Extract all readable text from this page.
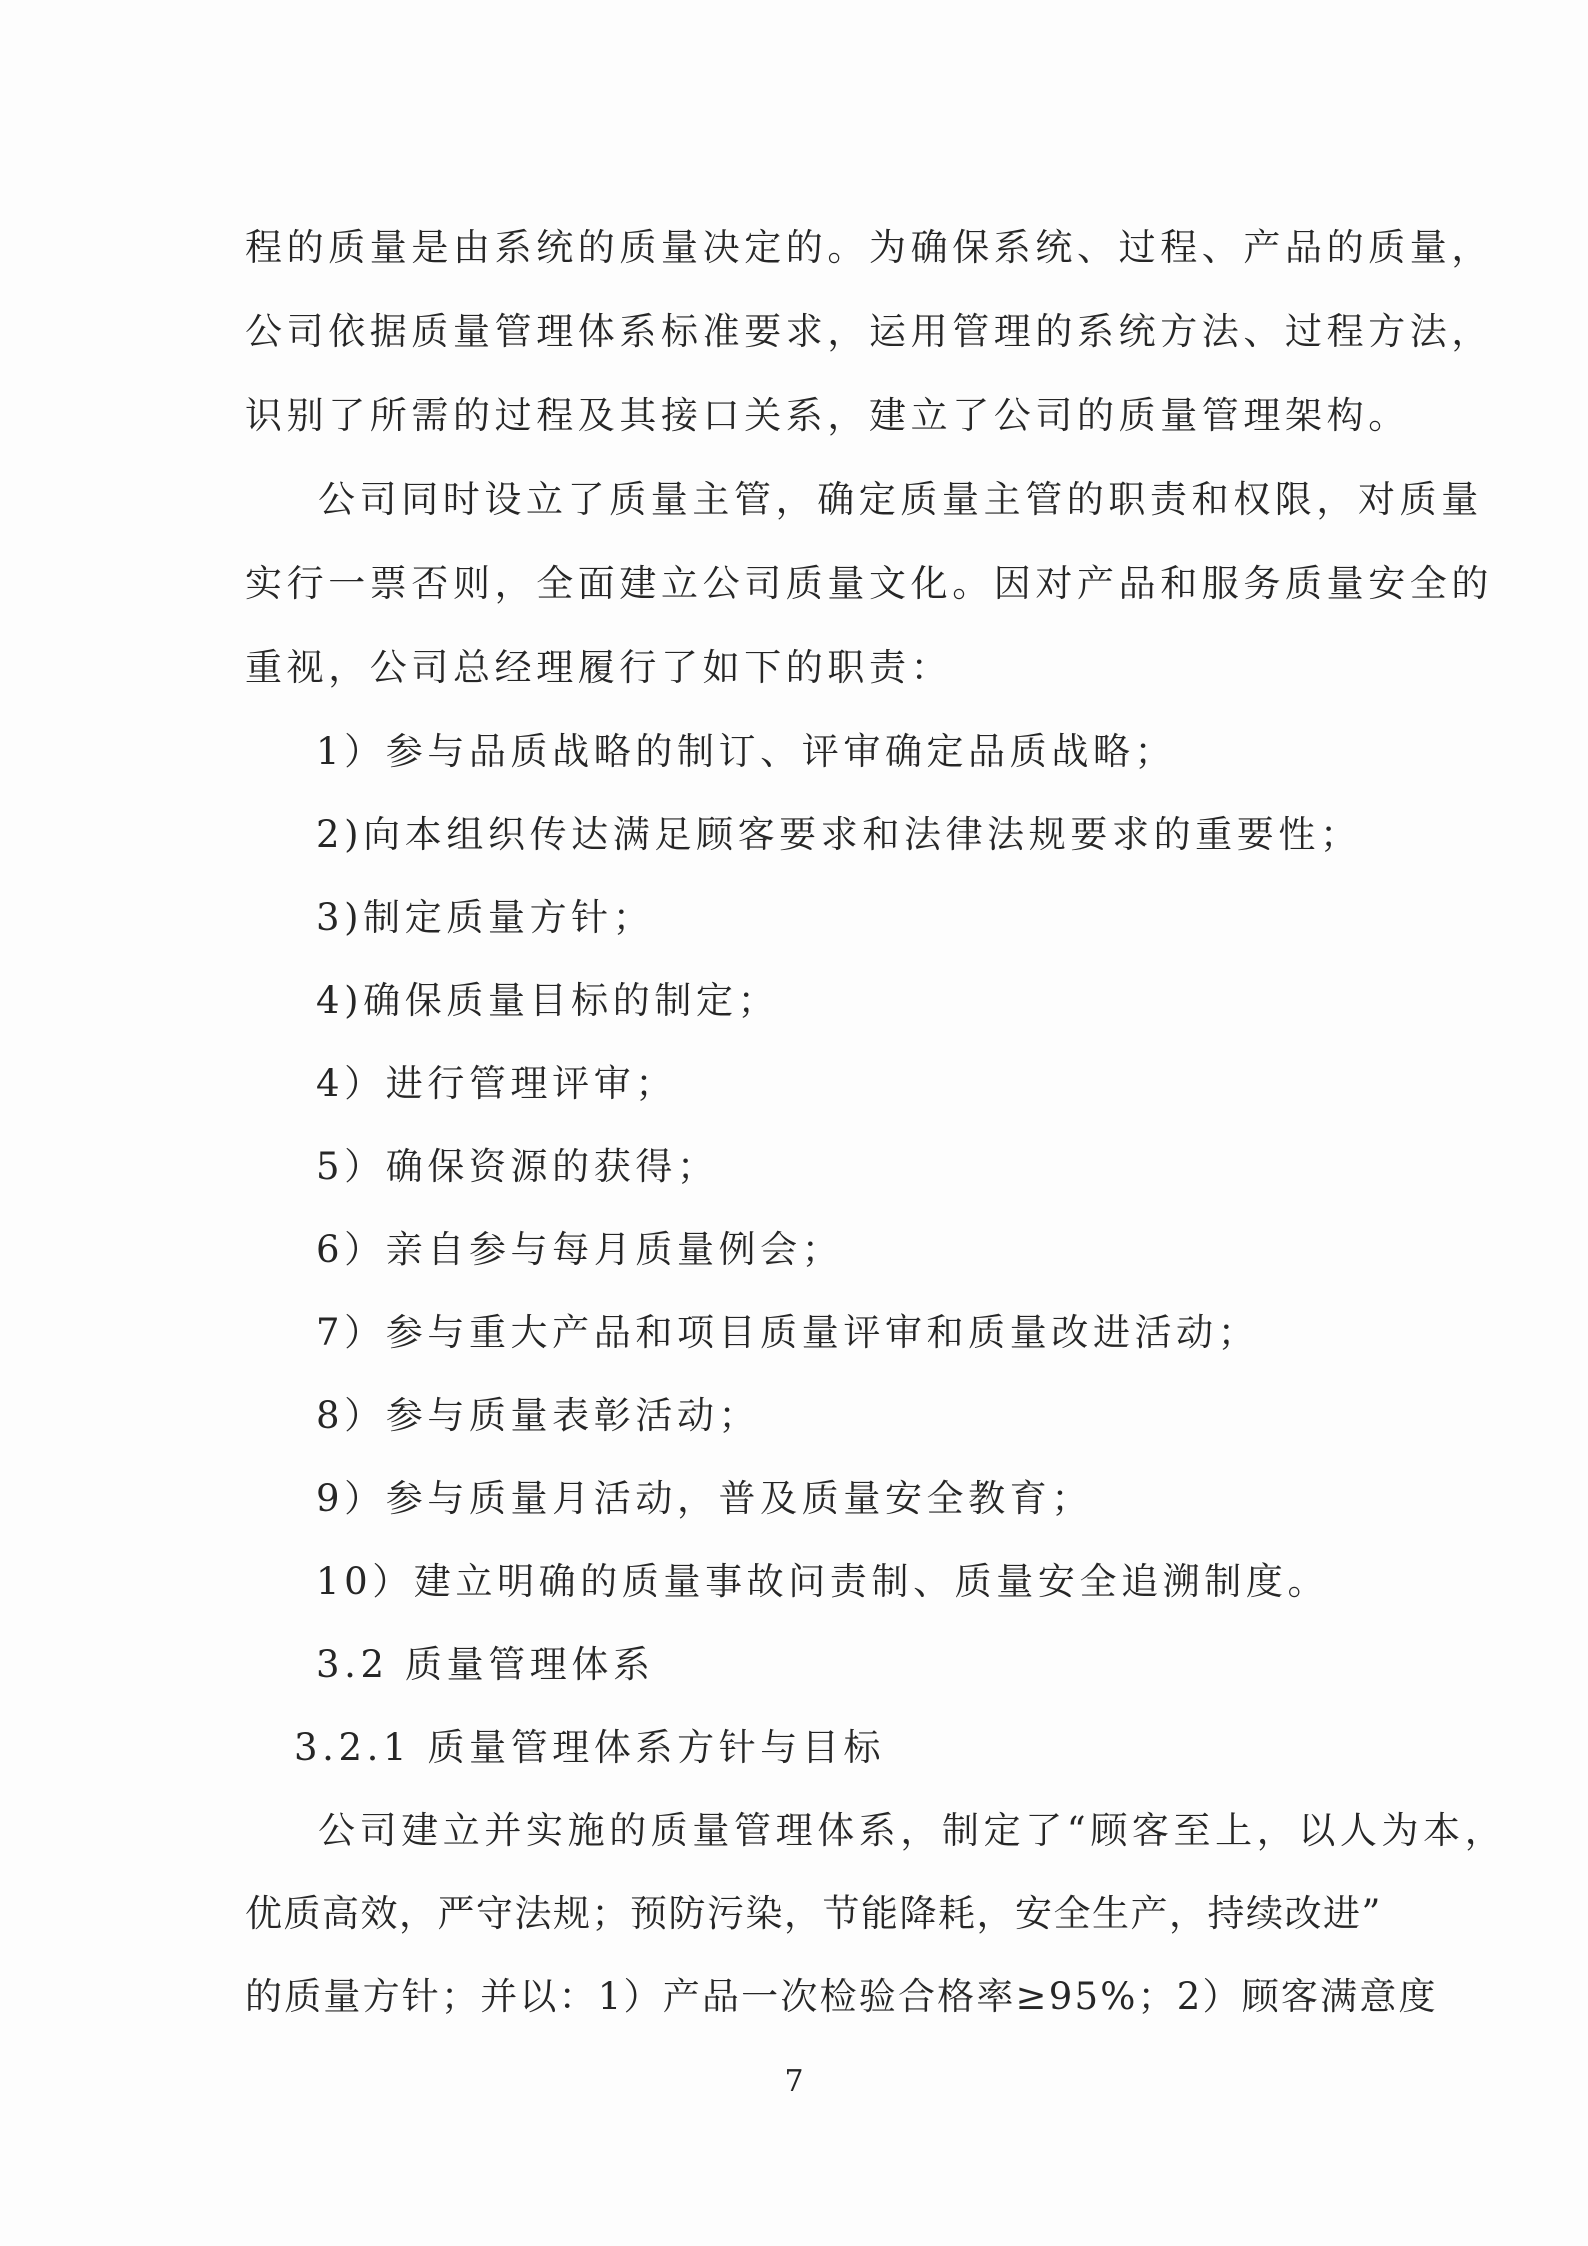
程的质量是由系统的质量决定的。为确保系统、过程、产品的质量，
公司依据质量管理体系标准要求，运用管理的系统方法、过程方法，
识别了所需的过程及其接口关系，建立了公司的质量管理架构。
公司同时设立了质量主管，确定质量主管的职责和权限，对质量
实行一票否则，全面建立公司质量文化。因对产品和服务质量安全的
重视，公司总经理履行了如下的职责：
1）参与品质战略的制订、评审确定品质战略；
2)向本组织传达满足顾客要求和法律法规要求的重要性；
3)制定质量方针；
4)确保质量目标的制定；
4）进行管理评审；
5）确保资源的获得；
6）亲自参与每月质量例会；
7）参与重大产品和项目质量评审和质量改进活动；
8）参与质量表彰活动；
9）参与质量月活动，普及质量安全教育；
10）建立明确的质量事故问责制、质量安全追溯制度。
3.2 质量管理体系
3.2.1 质量管理体系方针与目标
公司建立并实施的质量管理体系，制定了“顾客至上，以人为本，
优质高效，严守法规；预防污染，节能降耗，安全生产，持续改进”
的质量方针；并以：1）产品一次检验合格率≥95%；2）顾客满意度
7
